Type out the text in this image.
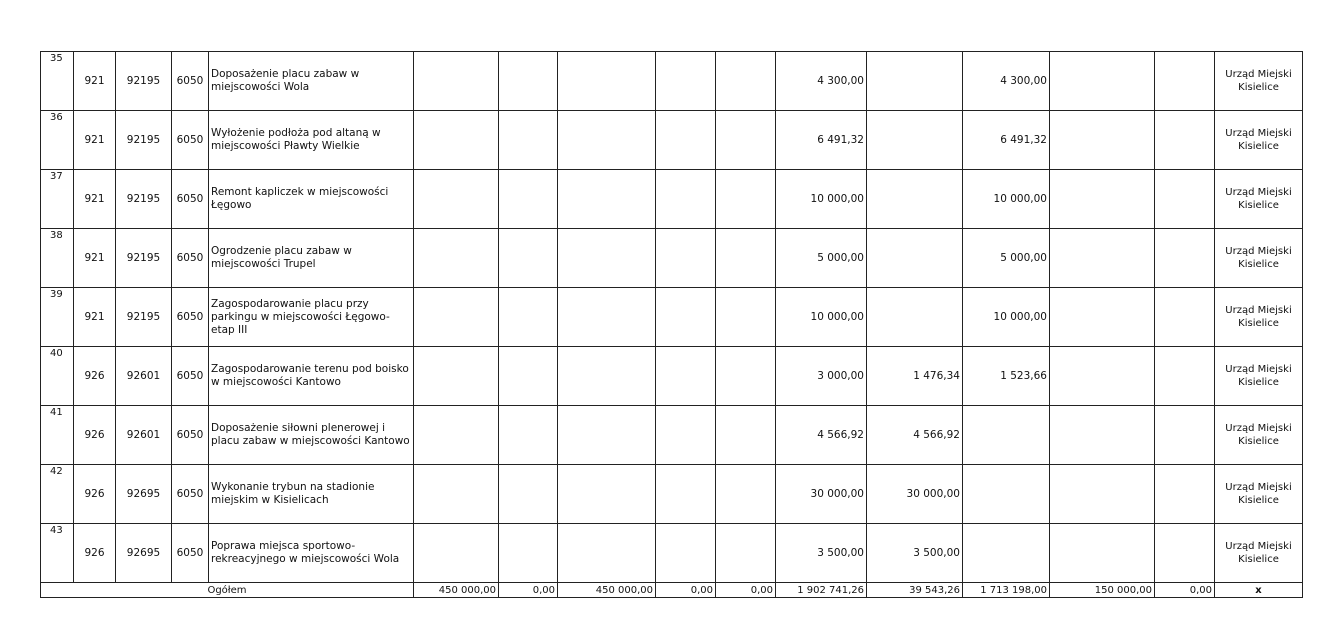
35	921	92195	6050	Doposażenie placu zabaw w miejscowości Wola						4 300,00		4 300,00			Urząd Miejski Kisielice
36	921	92195	6050	Wyłożenie podłoża pod altaną w miejscowości Pławty Wielkie						6 491,32		6 491,32			Urząd Miejski Kisielice
37	921	92195	6050	Remont kapliczek w miejscowości Łęgowo						10 000,00		10 000,00			Urząd Miejski Kisielice
38	921	92195	6050	Ogrodzenie placu zabaw w miejscowości Trupel						5 000,00		5 000,00			Urząd Miejski Kisielice
39	921	92195	6050	Zagospodarowanie placu przy parkingu w miejscowości Łęgowo-etap III						10 000,00		10 000,00			Urząd Miejski Kisielice
40	926	92601	6050	Zagospodarowanie terenu pod boisko w miejscowości Kantowo						3 000,00	1 476,34	1 523,66			Urząd Miejski Kisielice
41	926	92601	6050	Doposażenie siłowni plenerowej i placu zabaw w miejscowości Kantowo						4 566,92	4 566,92				Urząd Miejski Kisielice
42	926	92695	6050	Wykonanie trybun na stadionie miejskim w Kisielicach						30 000,00	30 000,00				Urząd Miejski Kisielice
43	926	92695	6050	Poprawa miejsca sportowo-rekreacyjnego w miejscowości Wola						3 500,00	3 500,00				Urząd Miejski Kisielice
Ogółem					450 000,00	0,00	450 000,00	0,00	0,00	1 902 741,26	39 543,26	1 713 198,00	150 000,00	0,00	x
